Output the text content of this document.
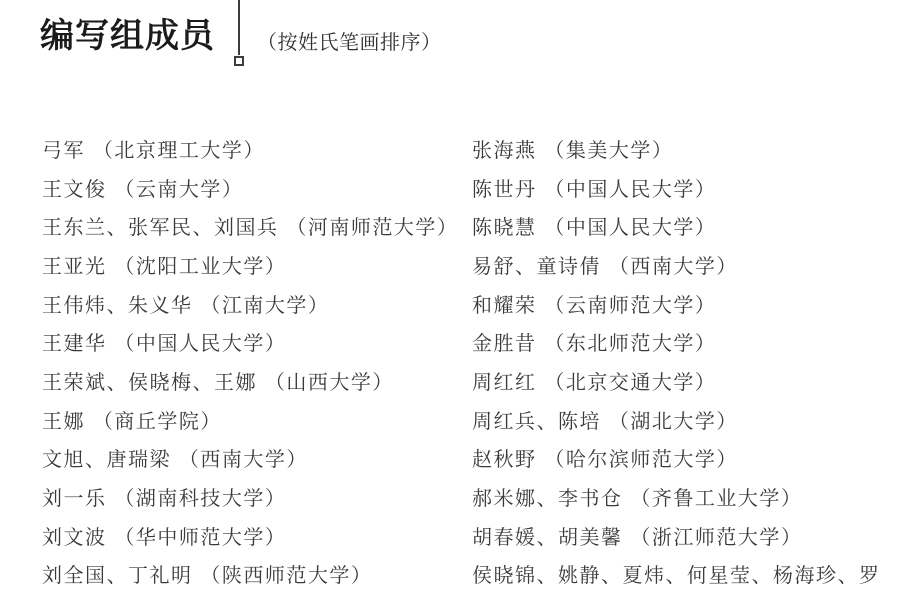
编写组成员 （按姓氏笔画排序）
弓军 （北京理工大学）
王文俊 （云南大学）
王东兰、张军民、刘国兵 （河南师范大学）
王亚光 （沈阳工业大学）
王伟炜、朱义华 （江南大学）
王建华 （中国人民大学）
王荣斌、侯晓梅、王娜 （山西大学）
王娜 （商丘学院）
文旭、唐瑞梁 （西南大学）
刘一乐 （湖南科技大学）
刘文波 （华中师范大学）
刘全国、丁礼明 （陕西师范大学）
张海燕 （集美大学）
陈世丹 （中国人民大学）
陈晓慧 （中国人民大学）
易舒、童诗倩 （西南大学）
和耀荣 （云南师范大学）
金胜昔 （东北师范大学）
周红红 （北京交通大学）
周红兵、陈培 （湖北大学）
赵秋野 （哈尔滨师范大学）
郝米娜、李书仓 （齐鲁工业大学）
胡春媛、胡美馨 （浙江师范大学）
侯晓锦、姚静、夏炜、何星莹、杨海珍、罗
